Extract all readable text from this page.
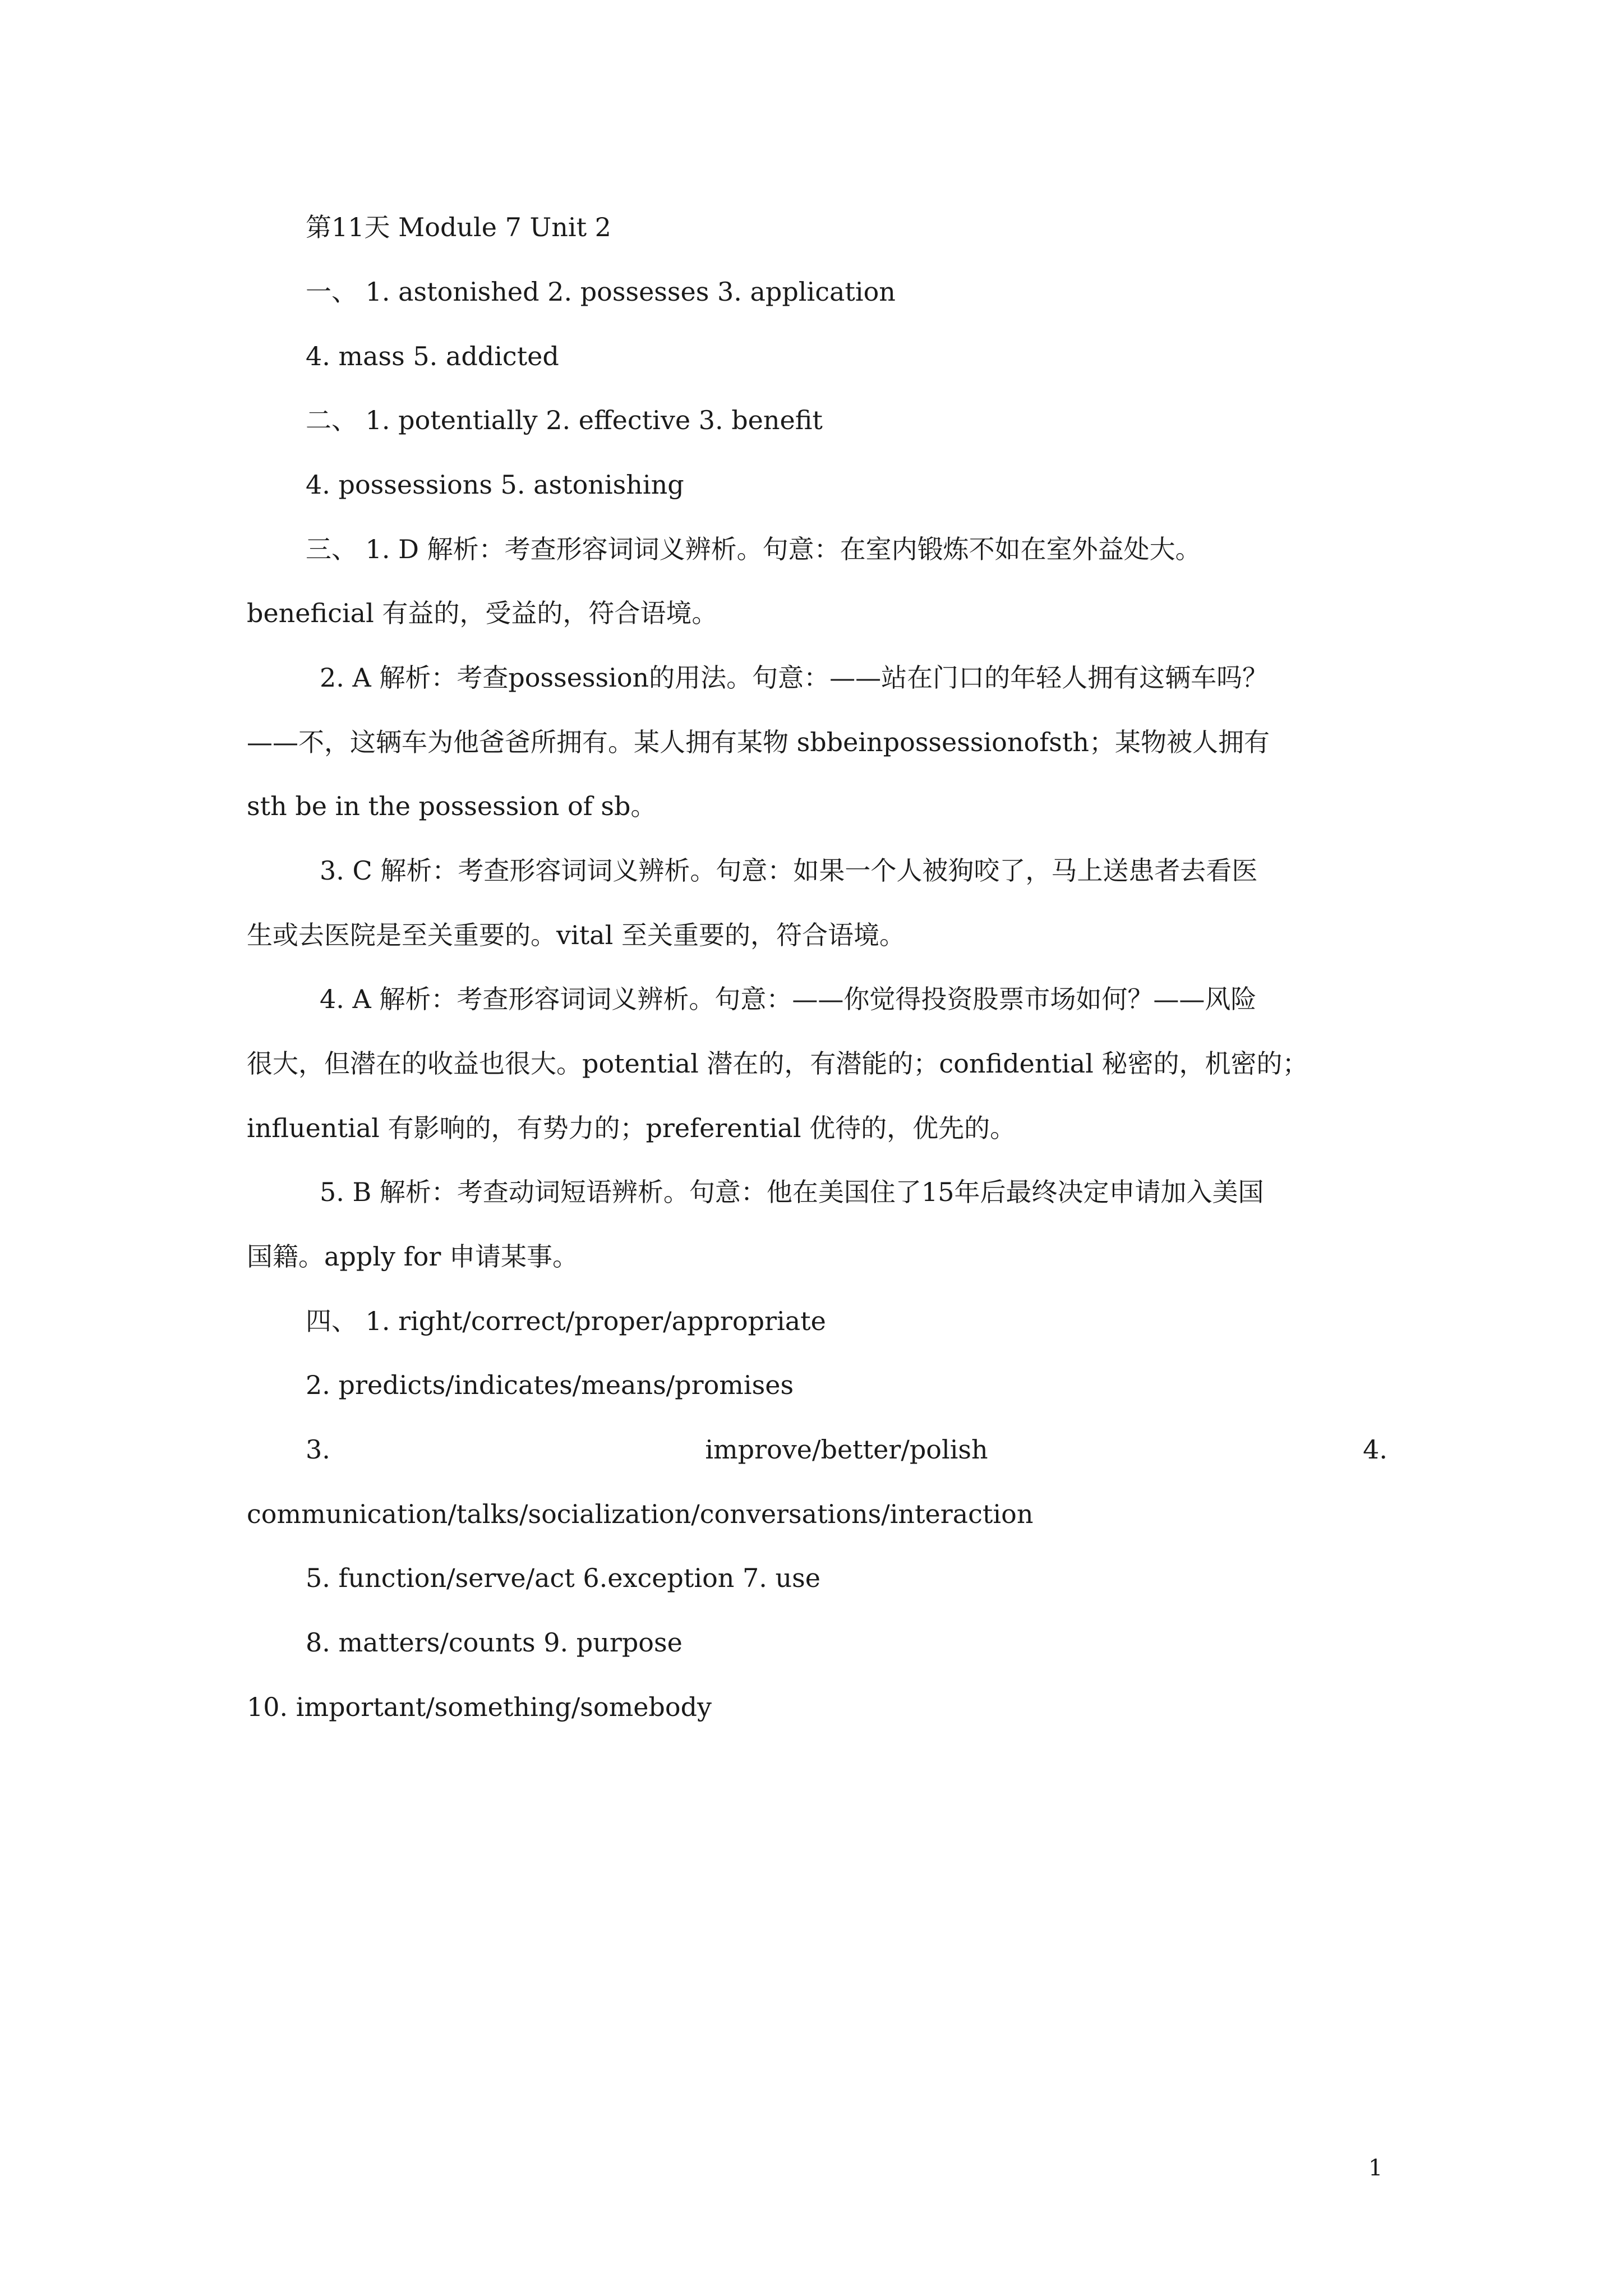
第11天 Module 7 Unit 2
一、 1. astonished 2. possesses 3. application
4. mass 5. addicted
二、 1. potentially 2. effective 3. benefit
4. possessions 5. astonishing
三、 1. D 解析：考查形容词词义辨析。句意：在室内锻炼不如在室外益处大。
beneficial 有益的，受益的，符合语境。
2. A 解析：考查possession的用法。句意：——站在门口的年轻人拥有这辆车吗？
——不，这辆车为他爸爸所拥有。某人拥有某物 sbbeinpossessionofsth；某物被人拥有
sth be in the possession of sb。
3. C 解析：考查形容词词义辨析。句意：如果一个人被狗咬了，马上送患者去看医
生或去医院是至关重要的。vital 至关重要的，符合语境。
4. A 解析：考查形容词词义辨析。句意：——你觉得投资股票市场如何？——风险
很大，但潜在的收益也很大。potential 潜在的，有潜能的；confidential 秘密的，机密的；
influential 有影响的，有势力的；preferential 优待的，优先的。
5. B 解析：考查动词短语辨析。句意：他在美国住了15年后最终决定申请加入美国
国籍。apply for 申请某事。
四、 1. right/correct/proper/appropriate
2. predicts/indicates/means/promises
3.	improve/better/polish	4.
communication/talks/socialization/conversations/interaction
5. function/serve/act 6.exception 7. use
8. matters/counts 9. purpose
10. important/something/somebody
1
